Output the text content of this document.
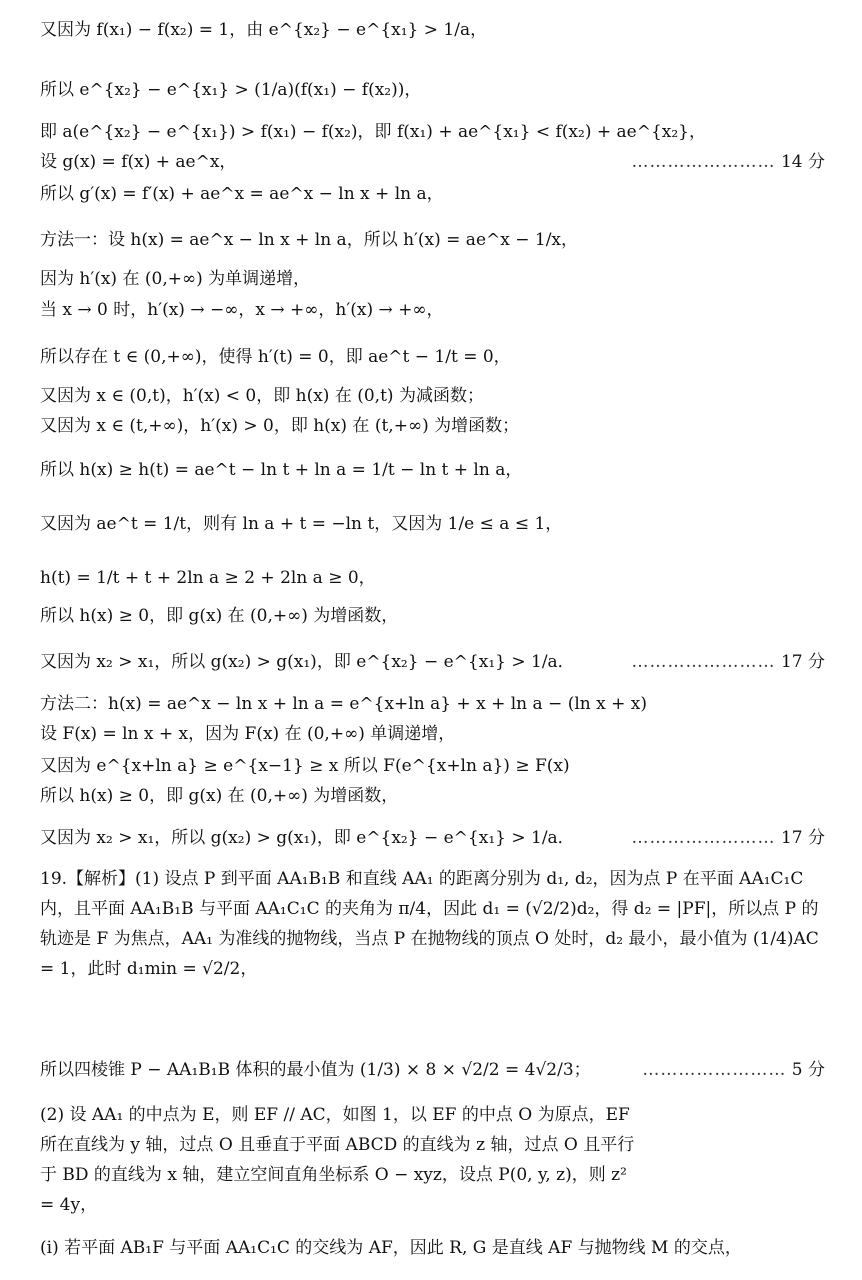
又因为 f(x₁) − f(x₂) = 1，由 e^{x₂} − e^{x₁} > 1/a，
所以 e^{x₂} − e^{x₁} > (1/a)(f(x₁) − f(x₂))，
即 a(e^{x₂} − e^{x₁}) > f(x₁) − f(x₂)，即 f(x₁) + ae^{x₁} < f(x₂) + ae^{x₂}，
设 g(x) = f(x) + ae^x，	…………………… 14 分
所以 g′(x) = f′(x) + ae^x = ae^x − ln x + ln a，
方法一：设 h(x) = ae^x − ln x + ln a，所以 h′(x) = ae^x − 1/x，
因为 h′(x) 在 (0,+∞) 为单调递增，
当 x → 0 时，h′(x) → −∞，x → +∞，h′(x) → +∞，
所以存在 t ∈ (0,+∞)，使得 h′(t) = 0，即 ae^t − 1/t = 0，
又因为 x ∈ (0,t)，h′(x) < 0，即 h(x) 在 (0,t) 为减函数；
又因为 x ∈ (t,+∞)，h′(x) > 0，即 h(x) 在 (t,+∞) 为增函数；
所以 h(x) ≥ h(t) = ae^t − ln t + ln a = 1/t − ln t + ln a，
又因为 ae^t = 1/t，则有 ln a + t = −ln t，又因为 1/e ≤ a ≤ 1，
h(t) = 1/t + t + 2ln a ≥ 2 + 2ln a ≥ 0，
所以 h(x) ≥ 0，即 g(x) 在 (0,+∞) 为增函数，
又因为 x₂ > x₁，所以 g(x₂) > g(x₁)，即 e^{x₂} − e^{x₁} > 1/a．	…………………… 17 分
方法二：h(x) = ae^x − ln x + ln a = e^{x+ln a} + x + ln a − (ln x + x)
设 F(x) = ln x + x，因为 F(x) 在 (0,+∞) 单调递增，
又因为 e^{x+ln a} ≥ e^{x−1} ≥ x 所以 F(e^{x+ln a}) ≥ F(x)
所以 h(x) ≥ 0，即 g(x) 在 (0,+∞) 为增函数，
又因为 x₂ > x₁，所以 g(x₂) > g(x₁)，即 e^{x₂} − e^{x₁} > 1/a．	…………………… 17 分
19.【解析】(1) 设点 P 到平面 AA₁B₁B 和直线 AA₁ 的距离分别为 d₁, d₂，因为点 P 在平面 AA₁C₁C 内，且平面 AA₁B₁B 与平面 AA₁C₁C 的夹角为 π/4，因此 d₁ = (√2/2)d₂，得 d₂ = |PF|，所以点 P 的轨迹是 F 为焦点，AA₁ 为准线的抛物线，当点 P 在抛物线的顶点 O 处时，d₂ 最小，最小值为 (1/4)AC = 1，此时 d₁min = √2/2，
所以四棱锥 P − AA₁B₁B 体积的最小值为 (1/3) × 8 × √2/2 = 4√2/3；	…………………… 5 分
(2) 设 AA₁ 的中点为 E，则 EF // AC，如图 1，以 EF 的中点 O 为原点，EF 所在直线为 y 轴，过点 O 且垂直于平面 ABCD 的直线为 z 轴，过点 O 且平行于 BD 的直线为 x 轴，建立空间直角坐标系 O − xyz，设点 P(0, y, z)，则 z² = 4y，
(i) 若平面 AB₁F 与平面 AA₁C₁C 的交线为 AF，因此 R, G 是直线 AF 与抛物线 M 的交点，
